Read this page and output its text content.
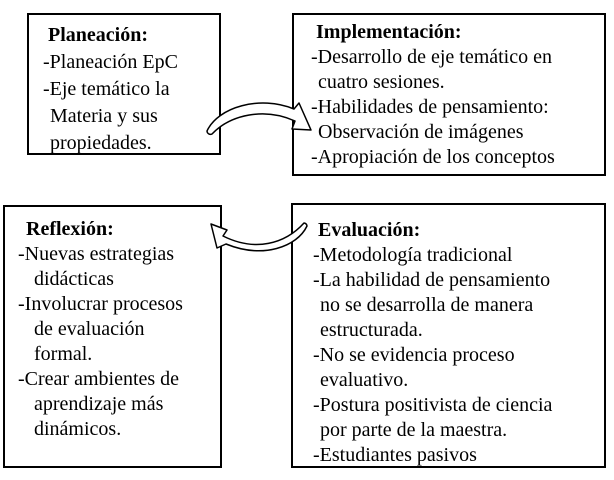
Planeación:
-Planeación EpC
-Eje temático la
Materia y sus
propiedades.
Implementación:
-Desarrollo de eje temático en
cuatro sesiones.
-Habilidades de pensamiento:
Observación de imágenes
-Apropiación de los conceptos
Reflexión:
-Nuevas estrategias
didácticas
-Involucrar procesos
de evaluación
formal.
-Crear ambientes de
aprendizaje más
dinámicos.
Evaluación:
-Metodología tradicional
-La habilidad de pensamiento
no se desarrolla de manera
estructurada.
-No se evidencia proceso
evaluativo.
-Postura positivista de ciencia
por parte de la maestra.
-Estudiantes pasivos
